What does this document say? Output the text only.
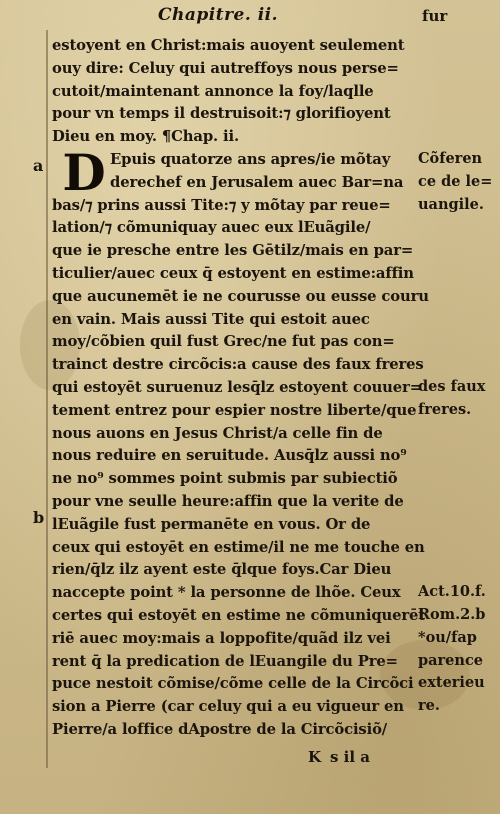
Chapitre. ii.	fur
a
b
D
estoyent en Christ:mais auoyent seulement
ouy dire: Celuy qui autreffoys nous perse=
cutoit/maintenant annonce la foy/laqlle
pour vn temps il destruisoit:⁊ glorifioyent
Dieu en moy. ¶Chap. ii.
Epuis quatorze ans apres/ie mõtay
derechef en Jerusalem auec Bar=na
bas/⁊ prins aussi Tite:⁊ y mõtay par reue=
lation/⁊ cõmuniquay auec eux lEuãgile/
que ie presche entre les Gētilz/mais en par=
ticulier/auec ceux q̄ estoyent en estime:affin
que aucunemēt ie ne courusse ou eusse couru
en vain. Mais aussi Tite qui estoit auec
moy/cõbien quil fust Grec/ne fut pas con=
trainct destre circõcis:a cause des faux freres
qui estoyēt suruenuz lesq̄lz estoyent couuer=
tement entrez pour espier nostre liberte/que
nous auons en Jesus Christ/a celle fin de
nous reduire en seruitude. Ausq̄lz aussi no⁹
ne no⁹ sommes point submis par subiectiõ
pour vne seulle heure:affin que la verite de
lEuãgile fust permanēte en vous. Or de
ceux qui estoyēt en estime/il ne me touche en
rien/q̄lz ilz ayent este q̄lque foys.Car Dieu
naccepte point * la personne de lhõe. Ceux
certes qui estoyēt en estime ne cõmuniquerēt
riē auec moy:mais a loppofite/quãd ilz vei
rent q̄ la predication de lEuangile du Pre=
puce nestoit cõmise/cõme celle de la Circõci
sion a Pierre (car celuy qui a eu vigueur en
Pierre/a loffice dApostre de la Circõcisiõ/
Cõferen
ce de le=
uangile.
des faux
freres.
Act.10.f.
Rom.2.b
*ou/fap
parence
exterieu
re.
K s il a
